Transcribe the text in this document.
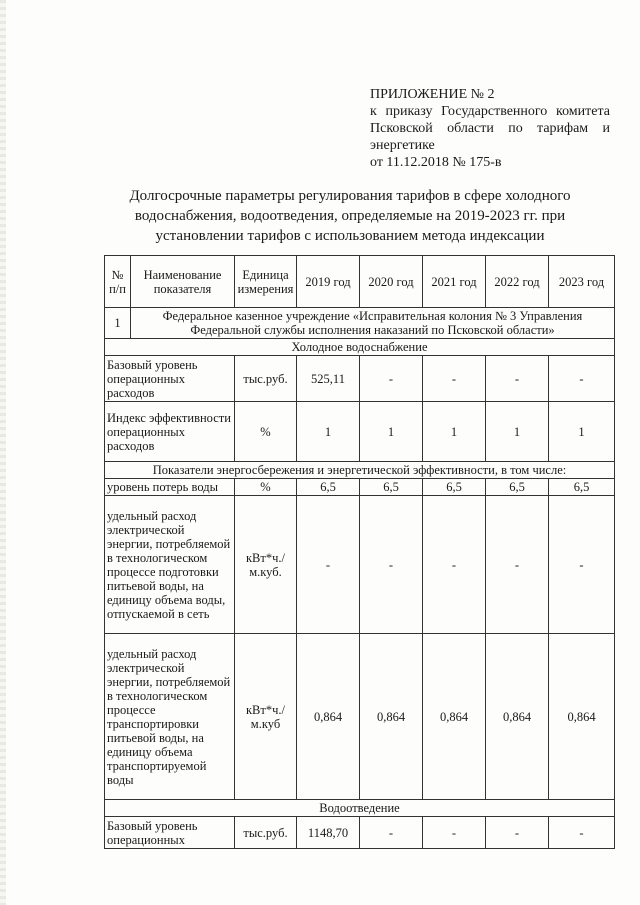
ПРИЛОЖЕНИЕ № 2
к приказу Государственного комитета Псковской области по тарифам и энергетике
от 11.12.2018 № 175-в
Долгосрочные параметры регулирования тарифов в сфере холодного водоснабжения, водоотведения, определяемые на 2019-2023 гг. при установлении тарифов с использованием метода индексации
№ п/п	Наименование показателя	Единица измерения	2019 год	2020 год	2021 год	2022 год	2023 год
1	Федеральное казенное учреждение «Исправительная колония № 3 Управления Федеральной службы исполнения наказаний по Псковской области»						
Холодное водоснабжение							
Базовый уровень операционных расходов		тыс.руб.	525,11	-	-	-	-
Индекс эффективности операционных расходов		%	1	1	1	1	1
Показатели энергосбережения и энергетической эффективности, в том числе:							
уровень потерь воды		%	6,5	6,5	6,5	6,5	6,5
удельный расход электрической энергии, потребляемой в технологическом процессе подготовки питьевой воды, на единицу объема воды, отпускаемой в сеть		кВт*ч./м.куб.	-	-	-	-	-
удельный расход электрической энергии, потребляемой в технологическом процессе транспортировки питьевой воды, на единицу объема транспортируемой воды		кВт*ч./м.куб	0,864	0,864	0,864	0,864	0,864
Водоотведение							
Базовый уровень операционных		тыс.руб.	1148,70	-	-	-	-
